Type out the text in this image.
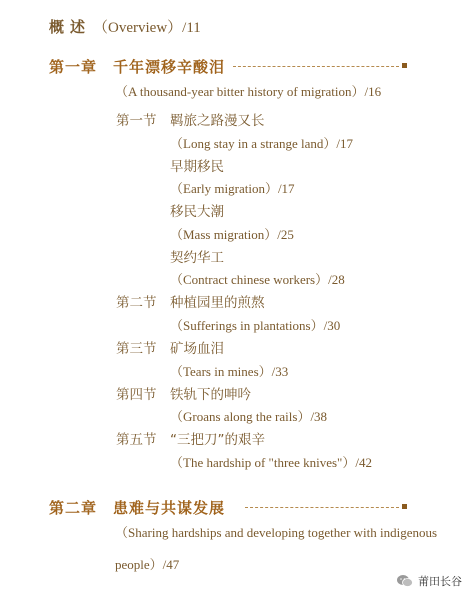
概述 （Overview）/11
第一章 千年漂移辛酸泪
（A thousand-year bitter history of migration）/16
第一节 羁旅之路漫又长
（Long stay in a strange land）/17
早期移民
（Early migration）/17
移民大潮
（Mass migration）/25
契约华工
（Contract chinese workers）/28
第二节 种植园里的煎熬
（Sufferings in plantations）/30
第三节 矿场血泪
（Tears in mines）/33
第四节 铁轨下的呻吟
（Groans along the rails）/38
第五节 “三把刀”的艰辛
（The hardship of "three knives"）/42
第二章 患难与共谋发展
（Sharing hardships and developing together with indigenous
people）/47
莆田长谷
